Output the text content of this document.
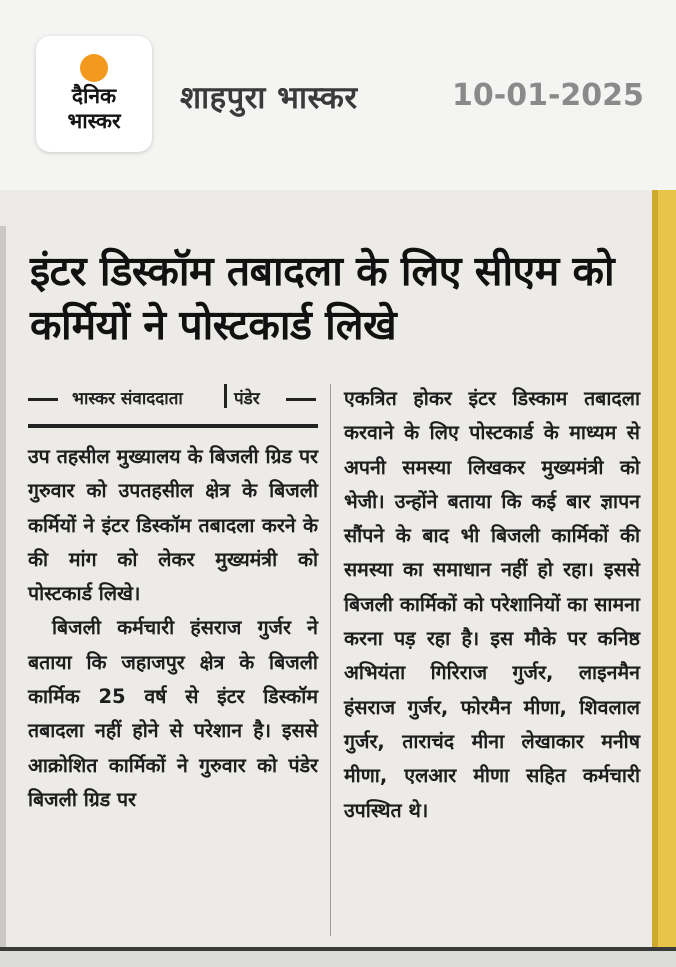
दैनिक
भास्कर
शाहपुरा भास्कर	10-01-2025
इंटर डिस्कॉम तबादला के लिए सीएम को कर्मियों ने पोस्टकार्ड लिखे
भास्कर संवाददाता	पंडेर

उप तहसील मुख्यालय के बिजली ग्रिड पर गुरुवार को उपतहसील क्षेत्र के बिजली कर्मियों ने इंटर डिस्कॉम तबादला करने के की मांग को लेकर मुख्यमंत्री को पोस्टकार्ड लिखे।

बिजली कर्मचारी हंसराज गुर्जर ने बताया कि जहाजपुर क्षेत्र के बिजली कार्मिक 25 वर्ष से इंटर डिस्कॉम तबादला नहीं होने से परेशान है। इससे आक्रोशित कार्मिकों ने गुरुवार को पंडेर बिजली ग्रिड पर

एकत्रित होकर इंटर डिस्काम तबादला करवाने के लिए पोस्टकार्ड के माध्यम से अपनी समस्या लिखकर मुख्यमंत्री को भेजी। उन्होंने बताया कि कई बार ज्ञापन सौंपने के बाद भी बिजली कार्मिकों की समस्या का समाधान नहीं हो रहा। इससे बिजली कार्मिकों को परेशानियों का सामना करना पड़ रहा है। इस मौके पर कनिष्ठ अभियंता गिरिराज गुर्जर, लाइनमैन हंसराज गुर्जर, फोरमैन मीणा, शिवलाल गुर्जर, ताराचंद मीना लेखाकार मनीष मीणा, एलआर मीणा सहित कर्मचारी उपस्थित थे।
